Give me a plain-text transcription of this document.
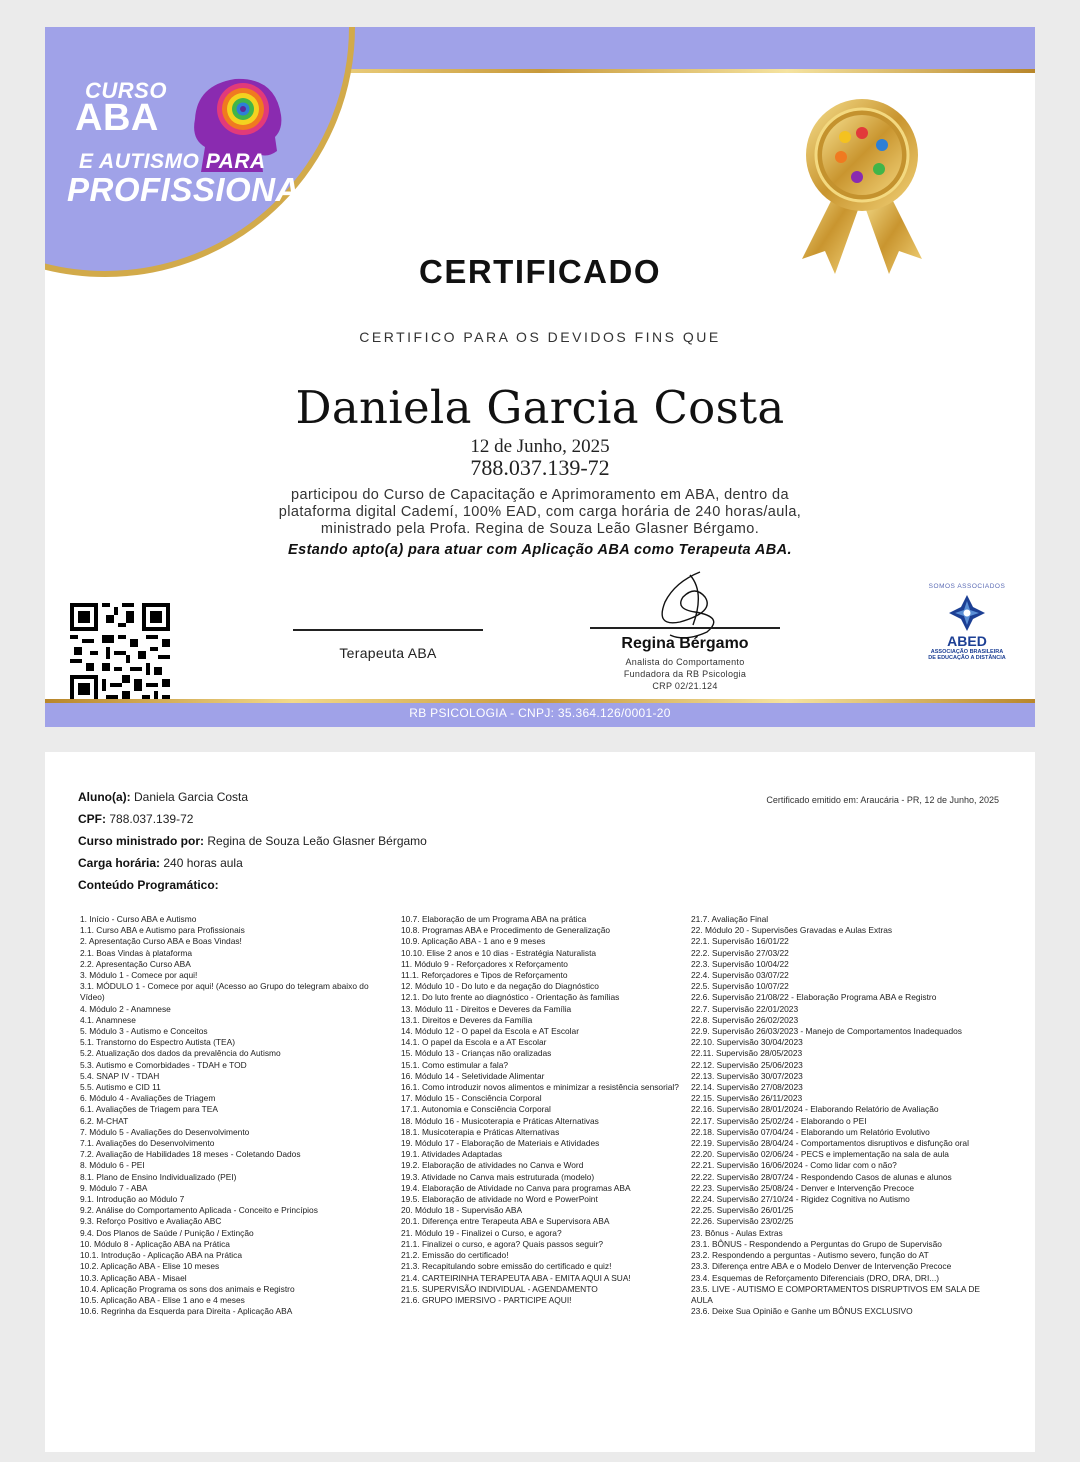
CURSO
ABA
E AUTISMO PARA
PROFISSIONAIS
CERTIFICADO
CERTIFICO PARA OS DEVIDOS FINS QUE
Daniela Garcia Costa
12 de Junho, 2025
788.037.139-72
participou do Curso de Capacitação e Aprimoramento em ABA, dentro da
plataforma digital Cademí, 100% EAD, com carga horária de 240 horas/aula,
ministrado pela Profa. Regina de Souza Leão Glasner Bérgamo.
Estando apto(a) para atuar com Aplicação ABA como Terapeuta ABA.
Terapeuta ABA
Regina Bérgamo
Analista do Comportamento
Fundadora da RB Psicologia
CRP 02/21.124
SOMOS ASSOCIADOS
ABED
ASSOCIAÇÃO BRASILEIRA
DE EDUCAÇÃO A DISTÂNCIA
RB PSICOLOGIA - CNPJ: 35.364.126/0001-20
Aluno(a): Daniela Garcia Costa
CPF: 788.037.139-72
Curso ministrado por: Regina de Souza Leão Glasner Bérgamo
Carga horária: 240 horas aula
Conteúdo Programático:
Certificado emitido em: Araucária - PR, 12 de Junho, 2025
1. Início - Curso ABA e Autismo
1.1. Curso ABA e Autismo para Profissionais
2. Apresentação Curso ABA e Boas Vindas!
2.1. Boas Vindas à plataforma
2.2. Apresentação Curso ABA
3. Módulo 1 - Comece por aqui!
3.1. MÓDULO 1 - Comece por aqui! (Acesso ao Grupo do telegram abaixo do Vídeo)
4. Módulo 2 - Anamnese
4.1. Anamnese
5. Módulo 3 - Autismo e Conceitos
5.1. Transtorno do Espectro Autista (TEA)
5.2. Atualização dos dados da prevalência do Autismo
5.3. Autismo e Comorbidades - TDAH e TOD
5.4. SNAP IV - TDAH
5.5. Autismo e CID 11
6. Módulo 4 - Avaliações de Triagem
6.1. Avaliações de Triagem para TEA
6.2. M-CHAT
7. Módulo 5 - Avaliações do Desenvolvimento
7.1. Avaliações do Desenvolvimento
7.2. Avaliação de Habilidades 18 meses - Coletando Dados
8. Módulo 6 - PEI
8.1. Plano de Ensino Individualizado (PEI)
9. Módulo 7 - ABA
9.1. Introdução ao Módulo 7
9.2. Análise do Comportamento Aplicada - Conceito e Princípios
9.3. Reforço Positivo e Avaliação ABC
9.4. Dos Planos de Saúde / Punição / Extinção
10. Módulo 8 - Aplicação ABA na Prática
10.1. Introdução - Aplicação ABA na Prática
10.2. Aplicação ABA - Elise 10 meses
10.3. Aplicação ABA - Misael
10.4. Aplicação Programa os sons dos animais e Registro
10.5. Aplicação ABA - Elise 1 ano e 4 meses
10.6. Regrinha da Esquerda para Direita - Aplicação ABA
10.7. Elaboração de um Programa ABA na prática
10.8. Programas ABA e Procedimento de Generalização
10.9. Aplicação ABA - 1 ano e 9 meses
10.10. Elise 2 anos e 10 dias - Estratégia Naturalista
11. Módulo 9 - Reforçadores x Reforçamento
11.1. Reforçadores e Tipos de Reforçamento
12. Módulo 10 - Do luto e da negação do Diagnóstico
12.1. Do luto frente ao diagnóstico - Orientação às famílias
13. Módulo 11 - Direitos e Deveres da Família
13.1. Direitos e Deveres da Família
14. Módulo 12 - O papel da Escola e AT Escolar
14.1. O papel da Escola e a AT Escolar
15. Módulo 13 - Crianças não oralizadas
15.1. Como estimular a fala?
16. Módulo 14 - Seletividade Alimentar
16.1. Como introduzir novos alimentos e minimizar a resistência sensorial?
17. Módulo 15 - Consciência Corporal
17.1. Autonomia e Consciência Corporal
18. Módulo 16 - Musicoterapia e Práticas Alternativas
18.1. Musicoterapia e Práticas Alternativas
19. Módulo 17 - Elaboração de Materiais e Atividades
19.1. Atividades Adaptadas
19.2. Elaboração de atividades no Canva e Word
19.3. Atividade no Canva mais estruturada (modelo)
19.4. Elaboração de Atividade no Canva para programas ABA
19.5. Elaboração de atividade no Word e PowerPoint
20. Módulo 18 - Supervisão ABA
20.1. Diferença entre Terapeuta ABA e Supervisora ABA
21. Módulo 19 - Finalizei o Curso, e agora?
21.1. Finalizei o curso, e agora? Quais passos seguir?
21.2. Emissão do certificado!
21.3. Recapitulando sobre emissão do certificado e quiz!
21.4. CARTEIRINHA TERAPEUTA ABA - EMITA AQUI A SUA!
21.5. SUPERVISÃO INDIVIDUAL - AGENDAMENTO
21.6. GRUPO IMERSIVO - PARTICIPE AQUI!
21.7. Avaliação Final
22. Módulo 20 - Supervisões Gravadas e Aulas Extras
22.1. Supervisão 16/01/22
22.2. Supervisão 27/03/22
22.3. Supervisão 10/04/22
22.4. Supervisão 03/07/22
22.5. Supervisão 10/07/22
22.6. Supervisão 21/08/22 - Elaboração Programa ABA e Registro
22.7. Supervisão 22/01/2023
22.8. Supervisão 26/02/2023
22.9. Supervisão 26/03/2023 - Manejo de Comportamentos Inadequados
22.10. Supervisão 30/04/2023
22.11. Supervisão 28/05/2023
22.12. Supervisão 25/06/2023
22.13. Supervisão 30/07/2023
22.14. Supervisão 27/08/2023
22.15. Supervisão 26/11/2023
22.16. Supervisão 28/01/2024 - Elaborando Relatório de Avaliação
22.17. Supervisão 25/02/24 - Elaborando o PEI
22.18. Supervisão 07/04/24 - Elaborando um Relatório Evolutivo
22.19. Supervisão 28/04/24 - Comportamentos disruptivos e disfunção oral
22.20. Supervisão 02/06/24 - PECS e implementação na sala de aula
22.21. Supervisão 16/06/2024 - Como lidar com o não?
22.22. Supervisão 28/07/24 - Respondendo Casos de alunas e alunos
22.23. Supervisão 25/08/24 - Denver e Intervenção Precoce
22.24. Supervisão 27/10/24 - Rigidez Cognitiva no Autismo
22.25. Supervisão 26/01/25
22.26. Supervisão 23/02/25
23. Bônus - Aulas Extras
23.1. BÔNUS - Respondendo a Perguntas do Grupo de Supervisão
23.2. Respondendo a perguntas - Autismo severo, função do AT
23.3. Diferença entre ABA e o Modelo Denver de Intervenção Precoce
23.4. Esquemas de Reforçamento Diferenciais (DRO, DRA, DRI...)
23.5. LIVE - AUTISMO E COMPORTAMENTOS DISRUPTIVOS EM SALA DE AULA
23.6. Deixe Sua Opinião e Ganhe um BÔNUS EXCLUSIVO
